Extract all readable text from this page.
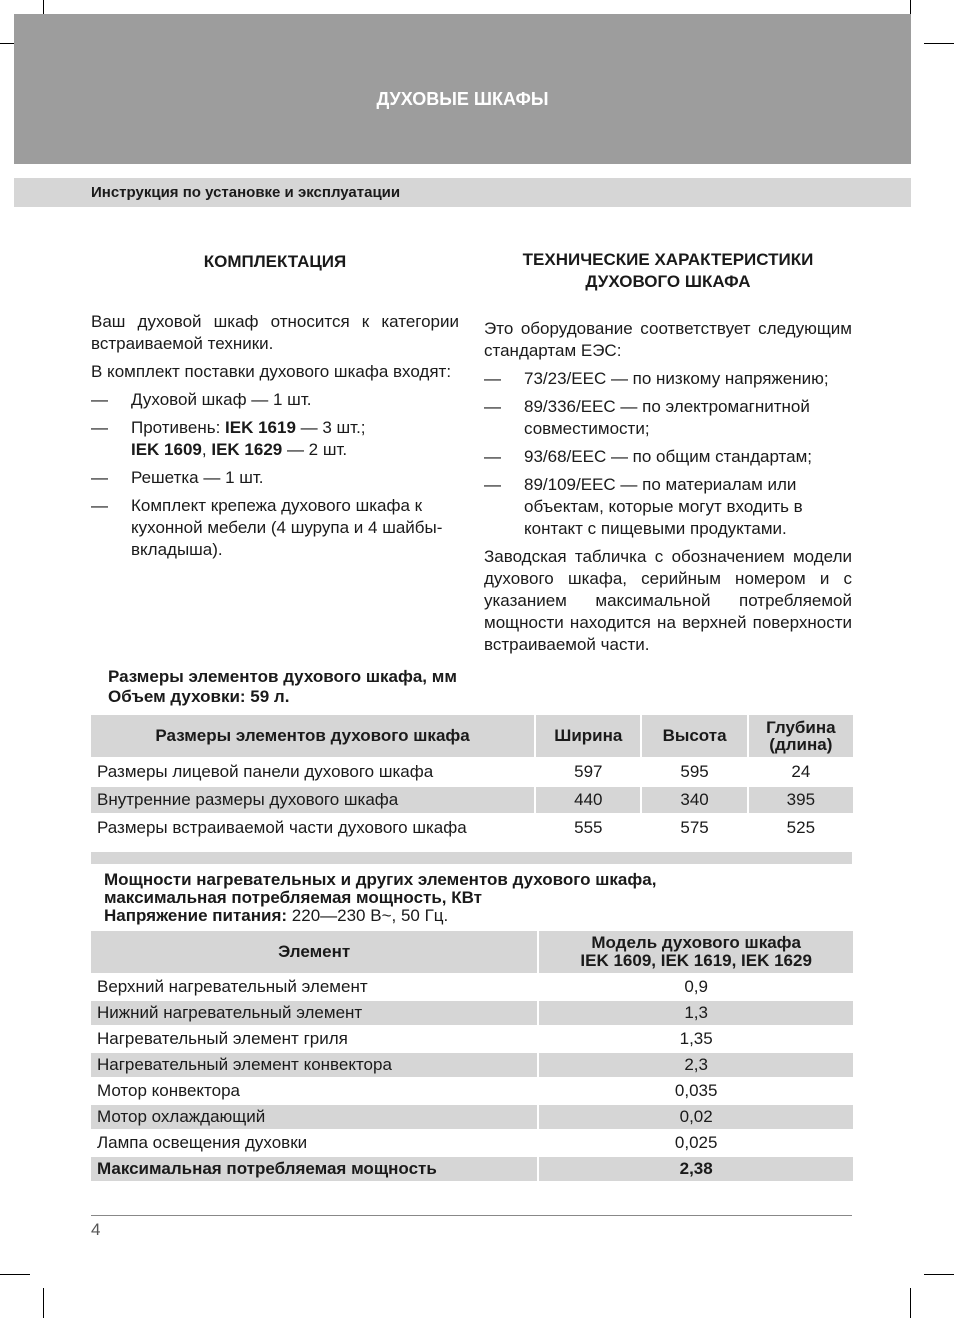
ДУХОВЫЕ ШКАФЫ
Инструкция по установке и эксплуатации
КОМПЛЕКТАЦИЯ

Ваш духовой шкаф относится к категории встраиваемой техники.

В комплект поставки духового шкафа входят:

—	Духовой шкаф — 1 шт.
—	Противень: IEK 1619 — 3 шт.;
IEK 1609, IEK 1629 — 2 шт.
—	Решетка — 1 шт.
—	Комплект крепежа духового шкафа к кухонной мебели (4 шурупа и 4 шайбы-вкладыша).
ТЕХНИЧЕСКИЕ ХАРАКТЕРИСТИКИ
ДУХОВОГО ШКАФА

Это оборудование соответствует следующим стандартам ЕЭС:

—	73/23/ЕЕС — по низкому напряжению;
—	89/336/ЕЕС — по электромагнитной совместимости;
—	93/68/ЕЕС — по общим стандартам;
—	89/109/ЕЕС — по материалам или объектам, которые могут входить в контакт с пищевыми продуктами.

Заводская табличка с обозначением модели духового шкафа, серийным номером и с указанием максимальной потребляемой мощности находится на верхней поверхности встраиваемой части.

Размеры элементов духового шкафа, мм
Объем духовки: 59 л.
Размеры элементов духового шкафа	Ширина	Высота	Глубина (длина)
Размеры лицевой панели духового шкафа	597	595	24
Внутренние размеры духового шкафа	440	340	395
Размеры встраиваемой части духового шкафа	555	575	525
Мощности нагревательных и других элементов духового шкафа,
максимальная потребляемая мощность, КВт
Напряжение питания: 220—230 В~, 50 Гц.
Элемент	Модель духового шкафа
IEK 1609, IEK 1619, IEK 1629

Верхний нагревательный элемент	0,9
Нижний нагревательный элемент	1,3
Нагревательный элемент гриля	1,35
Нагревательный элемент конвектора	2,3
Мотор конвектора	0,035
Мотор охлаждающий	0,02
Лампа освещения духовки	0,025
Максимальная потребляемая мощность	2,38
4
